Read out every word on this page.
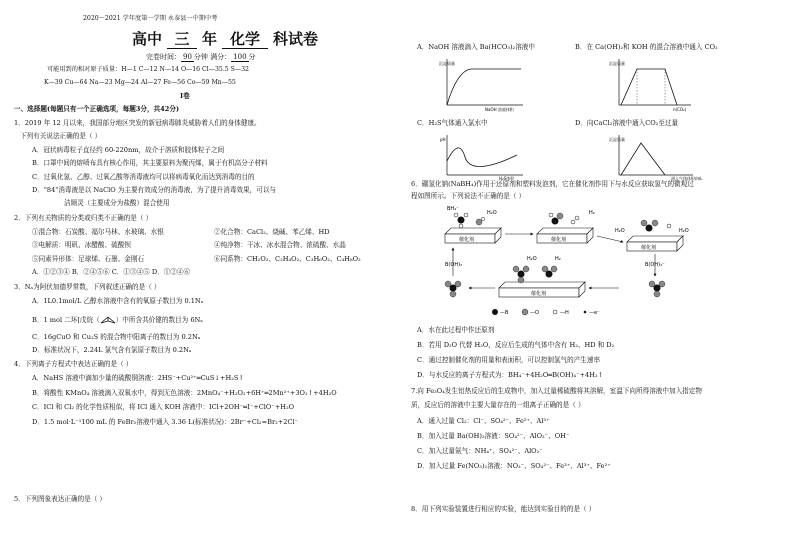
2020～2021 学年度第一学期 永泰县一中期中考
高中 三 年 化学 科试卷
完卷时间： 90 分钟 满分： 100 分
可能用到的相对原子质量：H—1 C—12 N—14 O—16 Cl—35.5 S—32
K—39 Cu—64 Na—23 Mg—24 Al—27 Fe—56 Co—59 Mn—55
I卷
一、选择题(每题只有一个正确选项，每题3分，共42分)
1．2019 年 12 月以来，我国部分地区突发的新冠病毒肺炎威胁着人们的身体健康。
下列有关说法正确的是（ ）
A．冠状病毒粒子直径约 60-220nm，故介于溶质和胶体粒子之间
B．口罩中间的熔喷布具有核心作用，其主要原料为聚丙烯，属于有机高分子材料
C．过氧化氢、乙醇、过氧乙酸等消毒液均可以将病毒氧化而达到消毒的目的
D．"84"消毒液是以 NaClO 为主要有效成分的消毒液，为了提升消毒效果，可以与
洁厕灵（主要成分为盐酸）混合使用
2．下列有关物质的分类或归类不正确的是（ ）
①混合物：石炭酸、福尔马林、水玻璃、水银	②化合物：CaCl₂、烧碱、苯乙烯、HD
③电解质：明矾、冰醋酸、硫酸钡	④纯净物：干冰、冰水混合物、浓硫酸、水晶
⑤同素异形体：足球烯、石墨、金刚石	⑥同系物：CH₂O₂、C₂H₄O₂、C₃H₆O₂、C₄H₈O₂
A．①②③④ B．②④⑤⑥ C．①③④⑤ D．①②④⑥
3．Nₐ为阿伏加德罗常数，下列叙述正确的是（ ）
A．1L0.1mol/L 乙醇水溶液中含有的氧原子数目为 0.1Nₐ
B．1 mol 二环[戊烷（ ）中所含共价键的数目为 6Nₐ
C．16gCuO 和 Cu₂S 的混合物中阳离子的数目为 0.2Nₐ
D．标准状况下，2.24L 氯气含有氯原子数目为 0.2Nₐ
4．下列离子方程式中表达正确的是（ ）
A．NaHS 溶液中滴加少量的硫酸铜溶液：2HS⁻+Cu²⁺═CuS↓+H₂S↑
B．将酸性 KMnO₄ 溶液滴入双氧水中，得到无色溶液：2MnO₄⁻+H₂O₂+6H⁺═2Mn²⁺+3O₂↑+4H₂O
C．ICl 和 Cl₂ 的化学性质相似，将 ICl 通入 KOH 溶液中：ICl+2OH⁻═I⁻+ClO⁻+H₂O
D．1.5 mol·L⁻¹100 mL 的 FeBr₂溶液中通入 3.36 L(标准状况)：2Br⁻+Cl₂=Br₂+2Cl⁻
5．下列图象表达正确的是（ ）
A．NaOH 溶液滴入 Ba(HCO₃)₂溶液中	B．在 Ca(OH)₂和 KOH 的混合溶液中通入 CO₂
沉淀质量
NaOH 溶液体积
沉淀质量
n(CO₂)
C．H₂S气体通入氯水中	D．向CaCl₂溶液中通入CO₂至过量
pH
H₂S体积
沉淀质量
通入气体体积/mL
6．硼氢化钠(NaBH₄)作用于还原剂和塑料发泡剂，它在催化剂作用下与水反应获取氢气的微观过
程如图所示。下列说法不正确的是（ ）
催化剂	催化剂
催化剂
催化剂
BH₄⁻
H₂O	H₂
H₂O	H₂O
B(OH)₃
H₂O	H₂
B(OH)₄⁻
—B	—O	—H	—e⁻
A．水在此过程中作还原剂
B．若用 D₂O 代替 H₂O，反应后生成的气体中含有 H₂、HD 和 D₂
C．通过控制催化剂的用量和表面积，可以控制氢气的产生速率
D．与水反应的离子方程式为：BH₄⁻+4H₂O═B(OH)₄⁻+4H₂↑
7.向 Fe₃O₄发生铝热反应后的生成物中，加入过量稀硫酸将其溶解，室温下向所得溶液中加入指定物
质，反应后的溶液中主要大量存在的一组离子正确的是（ ）
A．通入过量 Cl₂：Cl⁻、SO₄²⁻、Fe²⁺、Al³⁺
B．加入过量 Ba(OH)₂溶液：SO₄²⁻、AlO₂⁻、OH⁻
C．加入过量氨气：NH₄⁺、SO₄²⁻、AlO₂⁻
D．加入过量 Fe(NO₃)₂溶液：NO₃⁻、SO₄²⁻、Fe³⁺、Al³⁺、Fe²⁺
8．用下列实验装置进行相应的实验，能达到实验目的的是（ ）
